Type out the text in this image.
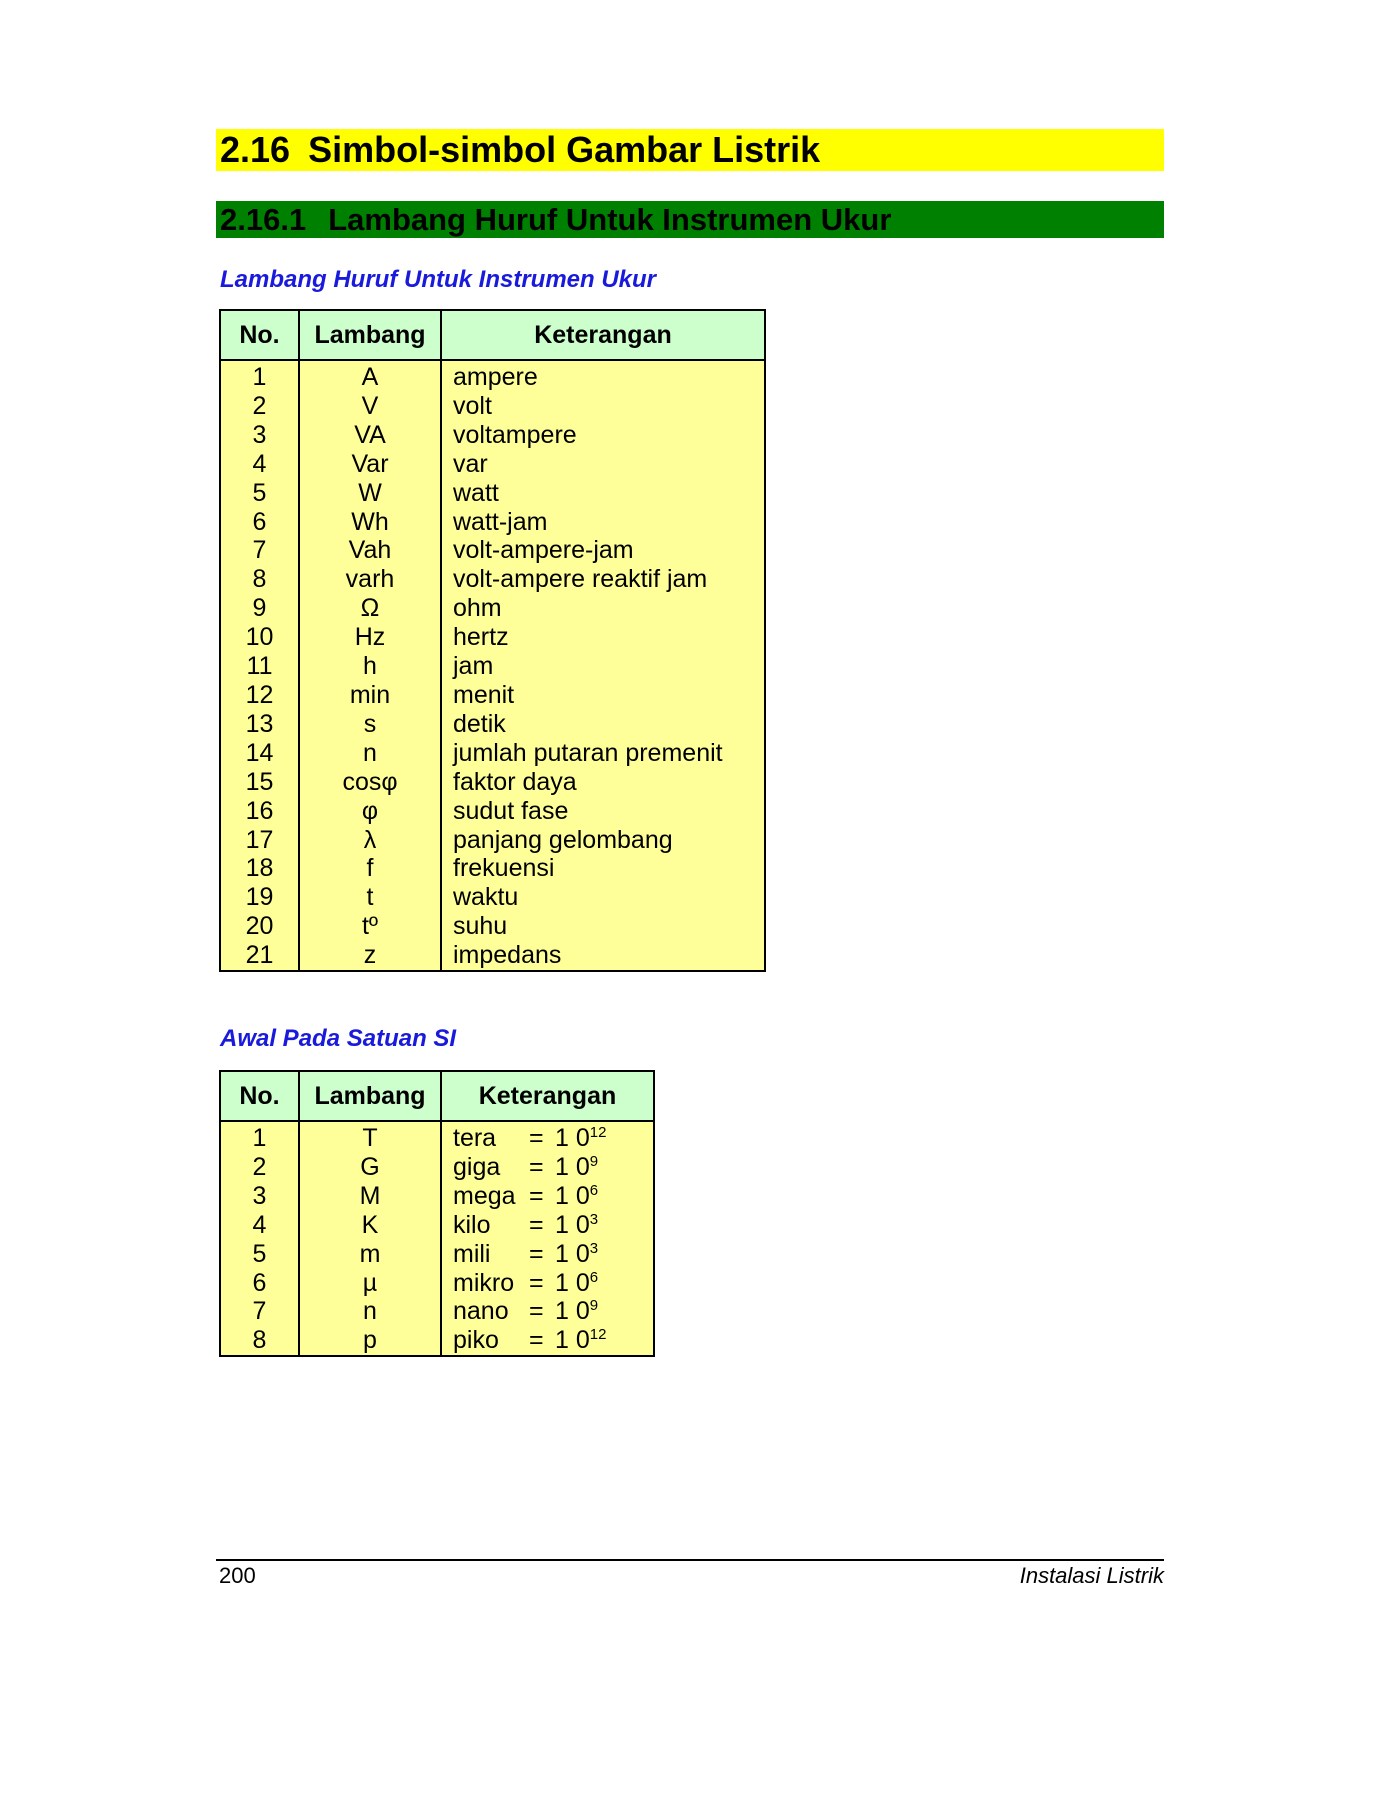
2.16 Simbol-simbol Gambar Listrik
2.16.1 Lambang Huruf Untuk Instrumen Ukur
Lambang Huruf Untuk Instrumen Ukur
No.	Lambang	Keterangan
1	A	ampere
2	V	volt
3	VA	voltampere
4	Var	var
5	W	watt
6	Wh	watt-jam
7	Vah	volt-ampere-jam
8	varh	volt-ampere reaktif jam
9	Ω	ohm
10	Hz	hertz
11	h	jam
12	min	menit
13	s	detik
14	n	jumlah putaran premenit
15	cosφ	faktor daya
16	φ	sudut fase
17	λ	panjang gelombang
18	f	frekuensi
19	t	waktu
20	tº	suhu
21	z	impedans
Awal Pada Satuan SI
No.	Lambang	Keterangan
1	T	tera = 1 $0^{12}$
2	G	giga = 1 $0^9$
3	M	mega = 1 $0^6$
4	K	kilo = 1 $0^3$
5	m	mili = 1 $0^3$
6	µ	mikro = 1 $0^6$
7	n	nano = 1 $0^9$
8	p	piko = 1 $0^{12}$
200	Instalasi Listrik
